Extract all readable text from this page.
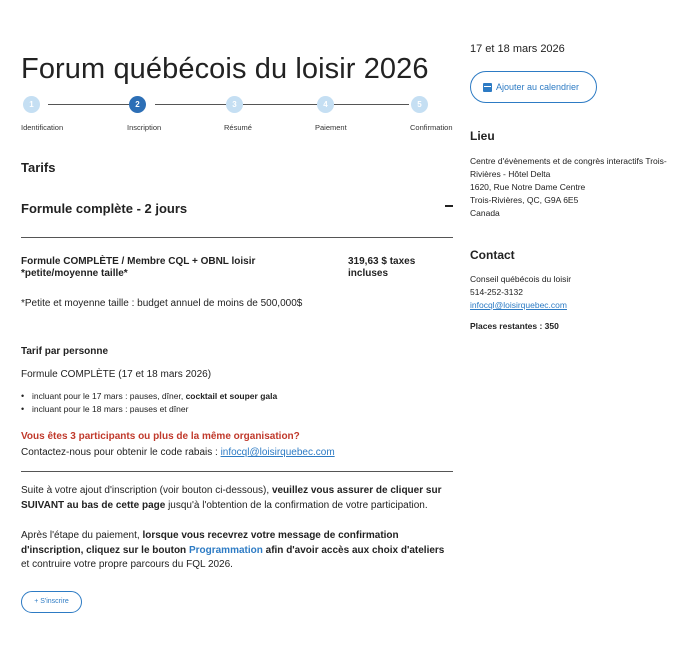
Forum québécois du loisir 2026
1	2	3	4	5
Identification	Inscription	Résumé	Paiement	Confirmation
Tarifs
Formule complète - 2 jours
Formule COMPLÈTE / Membre CQL + OBNL loisir
*petite/moyenne taille*
319,63 $ taxes
incluses

*Petite et moyenne taille : budget annuel de moins de 500,000$

Tarif par personne

Formule COMPLÈTE (17 et 18 mars 2026)

• incluant pour le 17 mars : pauses, dîner, cocktail et souper gala
• incluant pour le 18 mars : pauses et dîner

Vous êtes 3 participants ou plus de la même organisation?

Contactez-nous pour obtenir le code rabais : infocql@loisirquebec.com

Suite à votre ajout d'inscription (voir bouton ci-dessous), veuillez vous assurer de cliquer sur SUIVANT au bas de cette page jusqu'à l'obtention de la confirmation de votre participation.

Après l'étape du paiement, lorsque vous recevrez votre message de confirmation d'inscription, cliquez sur le bouton Programmation afin d'avoir accès aux choix d'ateliers et contruire votre propre parcours du FQL 2026.

+ S'inscrire

17 et 18 mars 2026

Ajouter au calendrier
Lieu
Centre d'évènements et de congrès interactifs Trois-Rivières - Hôtel Delta
1620, Rue Notre Dame Centre
Trois-Rivières, QC, G9A 6E5
Canada
Contact
Conseil québécois du loisir
514-252-3132
infocql@loisirquebec.com

Places restantes : 350
